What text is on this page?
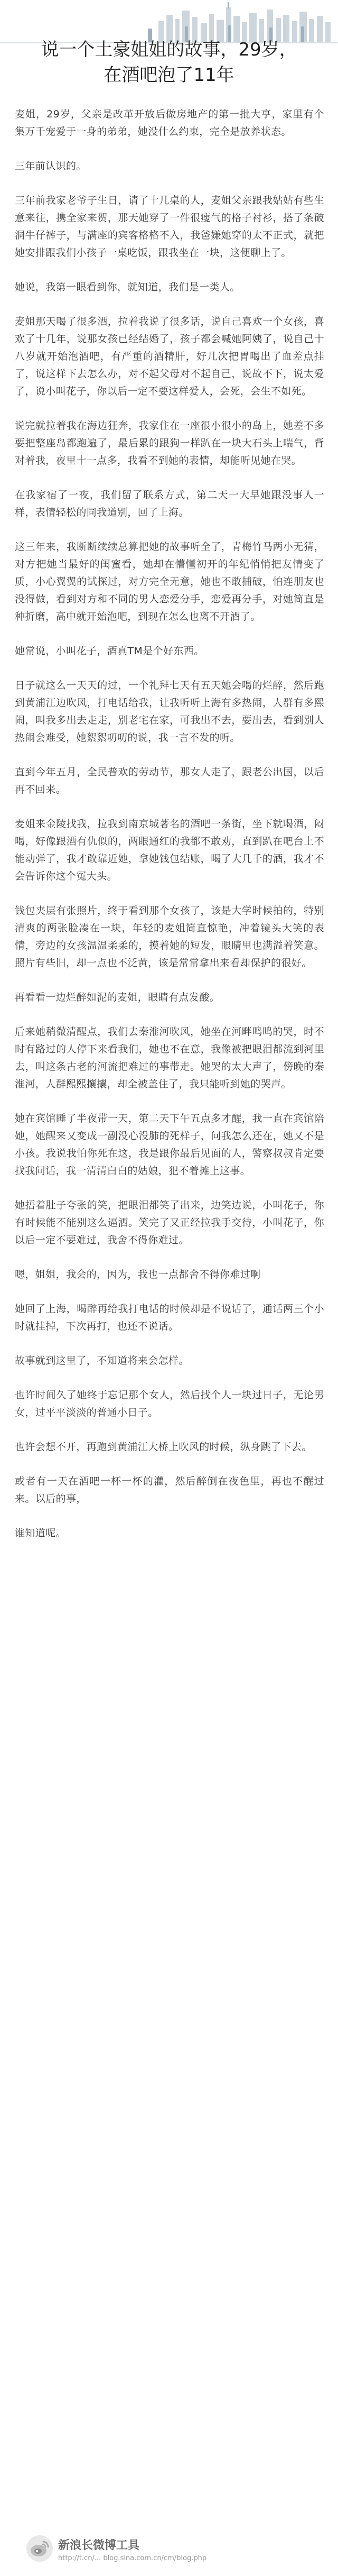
说一个土豪姐姐的故事，29岁，
在酒吧泡了11年

麦姐，29岁，父亲是改革开放后做房地产的第一批大亨，家里有个集万千宠爱于一身的弟弟，她没什么约束，完全是放养状态。

三年前认识的。

三年前我家老爷子生日，请了十几桌的人，麦姐父亲跟我姑姑有些生意来往，携全家来贺，那天她穿了一件很瘦气的格子衬衫，搭了条破洞牛仔裤子，与满座的宾客格格不入，我爸嫌她穿的太不正式，就把她安排跟我们小孩子一桌吃饭，跟我坐在一块，这便聊上了。

她说，我第一眼看到你，就知道，我们是一类人。

麦姐那天喝了很多酒，拉着我说了很多话，说自己喜欢一个女孩，喜欢了十几年，说那女孩已经结婚了，孩子都会喊她阿姨了，说自己十八岁就开始泡酒吧，有严重的酒精肝，好几次把胃喝出了血差点挂了，说这样下去怎么办，对不起父母对不起自己，说故不下，说太爱了，说小叫花子，你以后一定不要这样爱人，会死，会生不如死。

说完就拉着我在海边狂奔，我家住在一座很小很小的岛上，她差不多要把整座岛都跑遍了，最后累的跟狗一样趴在一块大石头上喘气，背对着我，夜里十一点多，我看不到她的表情，却能听见她在哭。

在我家宿了一夜，我们留了联系方式，第二天一大早她跟没事人一样，表情轻松的同我道别，回了上海。

这三年来，我断断续续总算把她的故事听全了，青梅竹马两小无猜，对方把她当最好的闺蜜看，她却在懵懂初开的年纪悄悄把友情变了质，小心翼翼的试探过，对方完全无意，她也不敢捕破，怕连朋友也没得做，看到对方和不同的男人恋爱分手，恋爱再分手，对她简直是种折磨，高中就开始泡吧，到现在怎么也离不开酒了。

她常说，小叫花子，酒真TM是个好东西。

日子就这么一天天的过，一个礼拜七天有五天她会喝的烂醉，然后跑到黄浦江边吹风，打电话给我，让我听听上海有多热闹，人群有多熙闹，叫我多出去走走，别老宅在家，可我出不去，要出去，看到别人热闹会难受，她絮絮叨叨的说，我一言不发的听。

直到今年五月，全民普欢的劳动节，那女人走了，跟老公出国，以后再不回来。

麦姐来金陵找我，拉我到南京城著名的酒吧一条街，坐下就喝酒，闷喝，好像跟酒有仇似的，两眼通红的我都不敢劝，直到趴在吧台上不能动弹了，我才敢靠近她，拿她钱包结账，喝了大几千的酒，我才不会告诉你这个冤大头。

钱包夹层有张照片，终于看到那个女孩了，该是大学时候拍的，特别清爽的两张脸凑在一块，年轻的麦姐简直惊艳，冲着镜头大笑的表情，旁边的女孩温温柔柔的，摸着她的短发，眼睛里也满溢着笑意。照片有些旧，却一点也不泛黄，该是常常拿出来看却保护的很好。

再看看一边烂醉如泥的麦姐，眼睛有点发酸。

后来她稍微清醒点，我们去秦淮河吹风，她坐在河畔鸣鸣的哭，时不时有路过的人停下来看我们，她也不在意，我像被把眼泪都流到河里去，叫这条古老的河流把难过的事带走。她哭的太大声了，傍晚的秦淮河，人群熙熙攘攘，却全被盖住了，我只能听到她的哭声。

她在宾馆睡了半夜带一天，第二天下午五点多才醒，我一直在宾馆陪她，她醒来又变成一副没心没肺的死样子，问我怎么还在，她又不是小孩。我说我怕你死在这，我是跟你最后见面的人，警察叔叔肯定要找我问话，我一清清白白的姑娘，犯不着摊上这事。

她捂着肚子夸张的笑，把眼泪都笑了出来，边笑边说，小叫花子，你有时候能不能别这么逼洒。笑完了又正经拉我手交待，小叫花子，你以后一定不要难过，我舍不得你难过。

嗯，姐姐，我会的，因为，我也一点都舍不得你难过啊

她回了上海，喝醉再给我打电话的时候却是不说话了，通话两三个小时就挂掉，下次再打，也还不说话。

故事就到这里了，不知道将来会怎样。

也许时间久了她终于忘记那个女人，然后找个人一块过日子，无论男女，过平平淡淡的普通小日子。

也许会想不开，再跑到黄浦江大桥上吹风的时候，纵身跳了下去。

或者有一天在酒吧一杯一杯的灌，然后醉倒在夜色里，再也不醒过来。以后的事，

谁知道呢。

新浪长微博工具
http://t.cn/... blog.sina.com.cn/cm/blog.php
